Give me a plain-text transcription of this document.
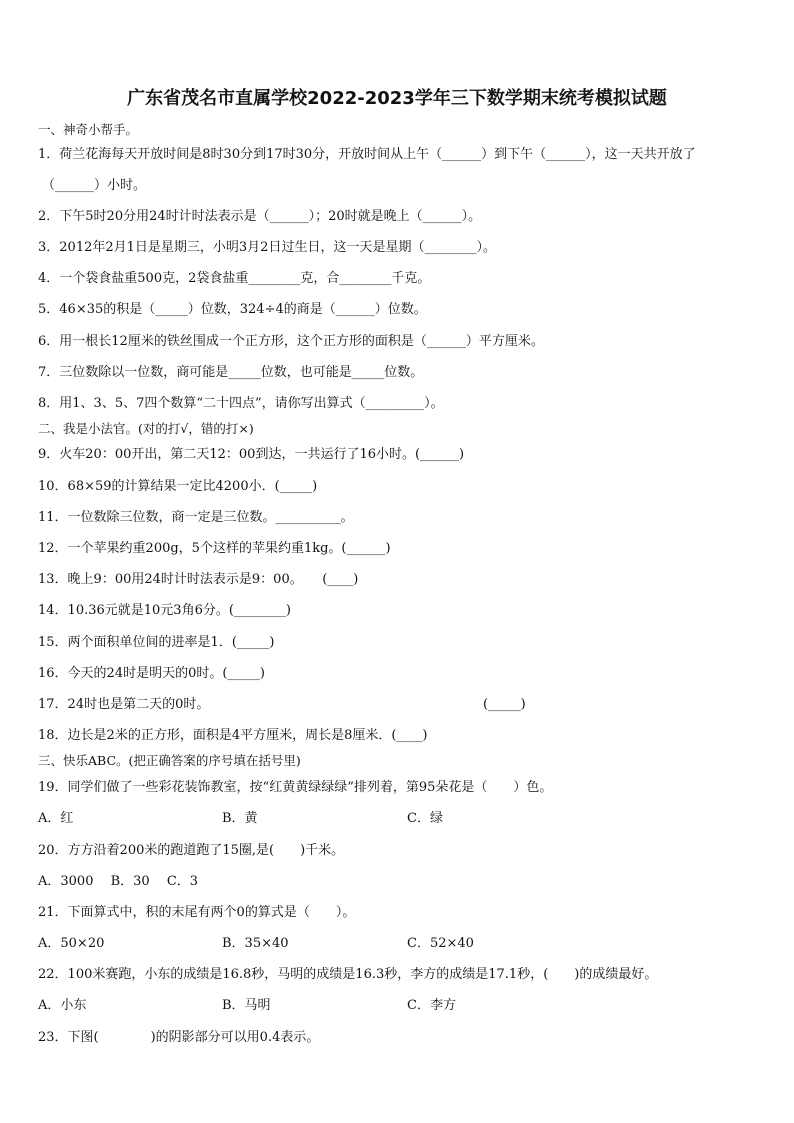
广东省茂名市直属学校2022-2023学年三下数学期末统考模拟试题
一、神奇小帮手。
1．荷兰花海每天开放时间是8时30分到17时30分，开放时间从上午（______）到下午（______），这一天共开放了
（______）小时。
2．下午5时20分用24时计时法表示是（______）；20时就是晚上（______）。
3．2012年2月1日是星期三，小明3月2日过生日，这一天是星期（________）。
4．一个袋食盐重500克，2袋食盐重________克，合________千克。
5．46×35的积是（_____）位数，324÷4的商是（______）位数。
6．用一根长12厘米的铁丝围成一个正方形，这个正方形的面积是（______）平方厘米。
7．三位数除以一位数，商可能是_____位数，也可能是_____位数。
8．用1、3、5、7四个数算“二十四点”，请你写出算式（_________）。
二、我是小法官。(对的打√，错的打×)
9．火车20：00开出，第二天12：00到达，一共运行了16小时。(______)
10．68×59的计算结果一定比4200小．(_____)
11．一位数除三位数，商一定是三位数。__________。
12．一个苹果约重200g，5个这样的苹果约重1kg。(______)
13．晚上9：00用24时计时法表示是9：00。　　(____)
14．10.36元就是10元3角6分。(________)
15．两个面积单位间的进率是1．(_____)
16．今天的24时是明天的0时。(_____)
17．24时也是第二天的0时。	(_____)
18．边长是2米的正方形，面积是4平方厘米，周长是8厘米．(____)
三、快乐ABC。(把正确答案的序号填在括号里)
19．同学们做了一些彩花装饰教室，按“红黄黄绿绿绿”排列着，第95朵花是（　　）色。
A．红	B．黄	C．绿
20．方方沿着200米的跑道跑了15圈,是(　　)千米。
A．3000　 B．30　 C．3
21．下面算式中，积的末尾有两个0的算式是（　　）。
A．50×20	B．35×40	C．52×40
22．100米赛跑，小东的成绩是16.8秒，马明的成绩是16.3秒，李方的成绩是17.1秒，(　　)的成绩最好。
A．小东	B．马明	C．李方
23．下图(　　　　)的阴影部分可以用0.4表示。
